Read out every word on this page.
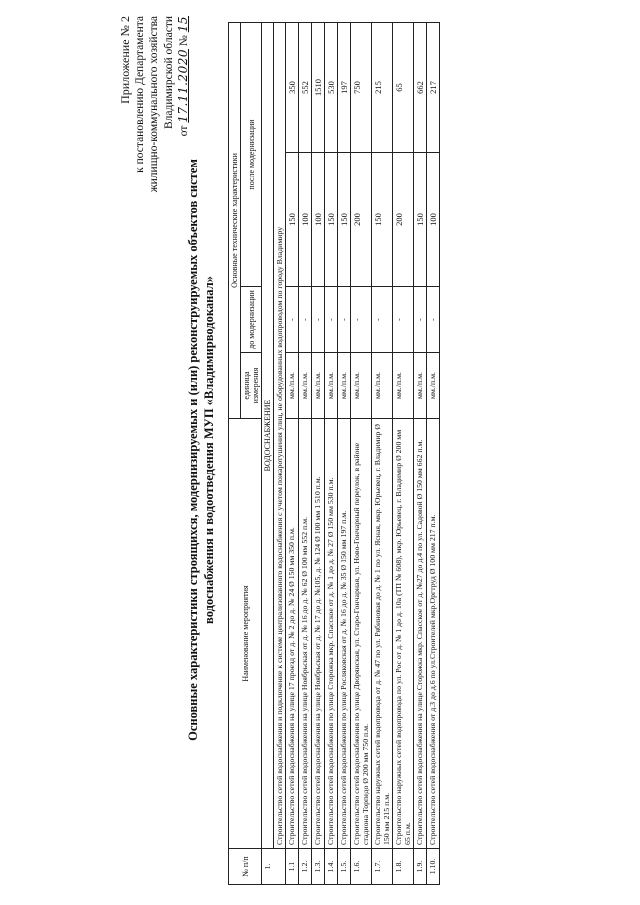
Приложение № 2 к постановлению Департамента жилищно-коммунального хозяйства Владимирской области
от 17.11.2020 № 15
Основные характеристики строящихся, модернизируемых и (или) реконструируемых объектов систем водоснабжения и водоотведения МУП «Владимирводоканал»
№ п/п	Наименование мероприятия	Основные технические характеристики			
		единица измерения	до модернизации	после модернизации	
1.	ВОДОСНАБЖЕНИЕ				
	Строительство сетей водоснабжения и подключение к системе централизованного водоснабжения с учетом пожаротушения улиц, не оборудованных водопроводом по городу Владимиру				
1.1	Строительство сетей водоснабжения на улице 17 проезд от д. № 2 до д. № 24 Ø 150 мм 350 п.м.	мм./п.м.	-	150	350
1.2.	Строительство сетей водоснабжения на улице Ноябрьская от д. № 16 до д. № 62 Ø 100 мм 552 п.м.	мм./п.м.	-	100	552
1.3.	Строительство сетей водоснабжения на улице Ноябрьская от д. № 17 до д. №105, д. № 124 Ø 100 мм 1 510 п.м.	мм./п.м.	-	100	1510
1.4.	Строительство сетей водоснабжения по улице Сторожка мкр. Спасское от д. № 1 до д. № 27 Ø 150 мм 530 п.м.	мм./п.м.	-	150	530
1.5.	Строительство сетей водоснабжения по улице Росляковская от д. № 16 до д. № 35 Ø 150 мм 197 п.м.	мм./п.м.	-	150	197
1.6.	Строительство сетей водоснабжения по улице Дворянская, ул. Старо-Гончарная, ул. Ново-Гончарный переулок, в районе стадиона Торпедо Ø 200 мм 750 п.м.	мм./п.м.	-	200	750
1.7.	Строительство наружных сетей водопровода от д. № 47 по ул. Рябиновая до д. № 1 по ул. Ясная, мкр. Юрьевец, г. Владимир Ø 150 мм 215 п.м.	мм./п.м.	-	150	215
1.8.	Строительство наружных сетей водопровода по ул. Рос от д. № 1 до д. 10а (ТП № 608), мкр. Юрьевец, г. Владимир Ø 200 мм 65 п.м.	мм./п.м.	-	200	65
1.9.	Строительство сетей водоснабжения на улице Сторожка мкр. Спасское от д. №27 до д.4 по ул. Садовой Ø 150 мм 662 п.м.	мм./п.м.	-	150	662
1.10.	Строительство сетей водоснабжения от д.3 до д.6 по ул.Строителей мкр.Оргтруд Ø 100 мм 217 п.м.	мм./п.м.	-	100	217
